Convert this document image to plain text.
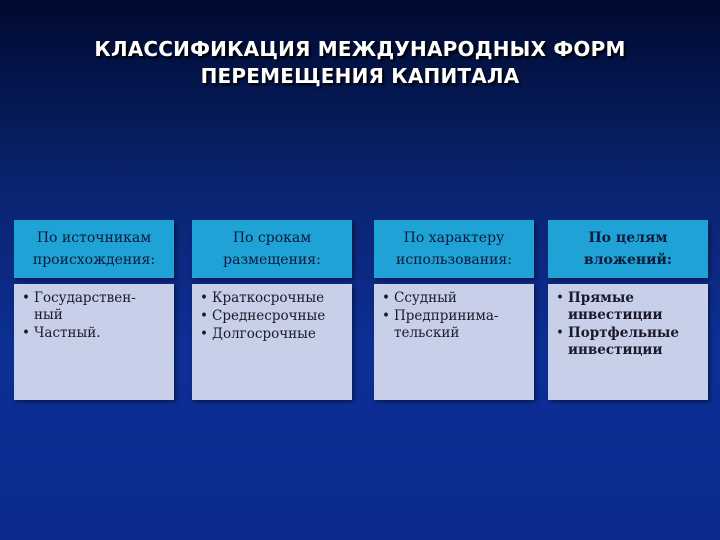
КЛАССИФИКАЦИЯ МЕЖДУНАРОДНЫХ ФОРМ
ПЕРЕМЕЩЕНИЯ КАПИТАЛА
По источникам
происхождения:
• Государствен-
ный
• Частный.
По срокам
размещения:
• Краткосрочные
• Среднесрочные
• Долгосрочные
По характеру
использования:
• Ссудный
• Предпринима-
тельский
По целям
вложений:
• Прямые
инвестиции
• Портфельные
инвестиции
